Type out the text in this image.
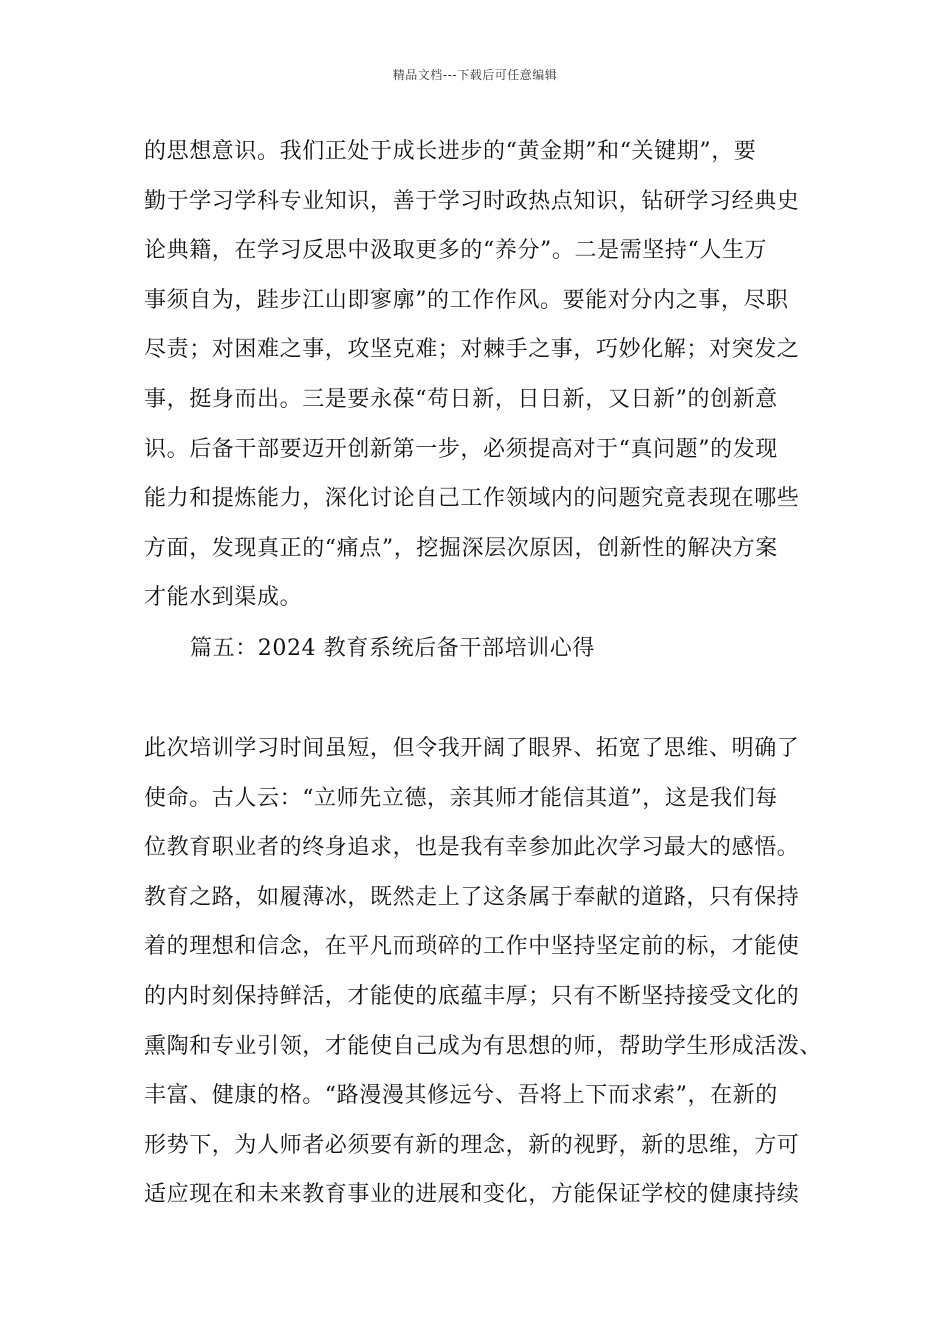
精品文档---下载后可任意编辑
的思想意识。我们正处于成长进步的“黄金期”和“关键期”，要
勤于学习学科专业知识，善于学习时政热点知识，钻研学习经典史
论典籍，在学习反思中汲取更多的“养分”。二是需坚持“人生万
事须自为，跬步江山即寥廓”的工作作风。要能对分内之事，尽职
尽责；对困难之事，攻坚克难；对棘手之事，巧妙化解；对突发之
事，挺身而出。三是要永葆“苟日新，日日新，又日新”的创新意
识。后备干部要迈开创新第一步，必须提高对于“真问题”的发现
能力和提炼能力，深化讨论自己工作领域内的问题究竟表现在哪些
方面，发现真正的“痛点”，挖掘深层次原因，创新性的解决方案
才能水到渠成。
篇五：2024 教育系统后备干部培训心得
此次培训学习时间虽短，但令我开阔了眼界、拓宽了思维、明确了
使命。古人云：“立师先立德，亲其师才能信其道”，这是我们每
位教育职业者的终身追求，也是我有幸参加此次学习最大的感悟。
教育之路，如履薄冰，既然走上了这条属于奉献的道路，只有保持
着的理想和信念，在平凡而琐碎的工作中坚持坚定前的标，才能使
的内时刻保持鲜活，才能使的底蕴丰厚；只有不断坚持接受文化的
熏陶和专业引领，才能使自己成为有思想的师，帮助学生形成活泼、
丰富、健康的格。“路漫漫其修远兮、吾将上下而求索”，在新的
形势下，为人师者必须要有新的理念，新的视野，新的思维，方可
适应现在和未来教育事业的进展和变化，方能保证学校的健康持续
